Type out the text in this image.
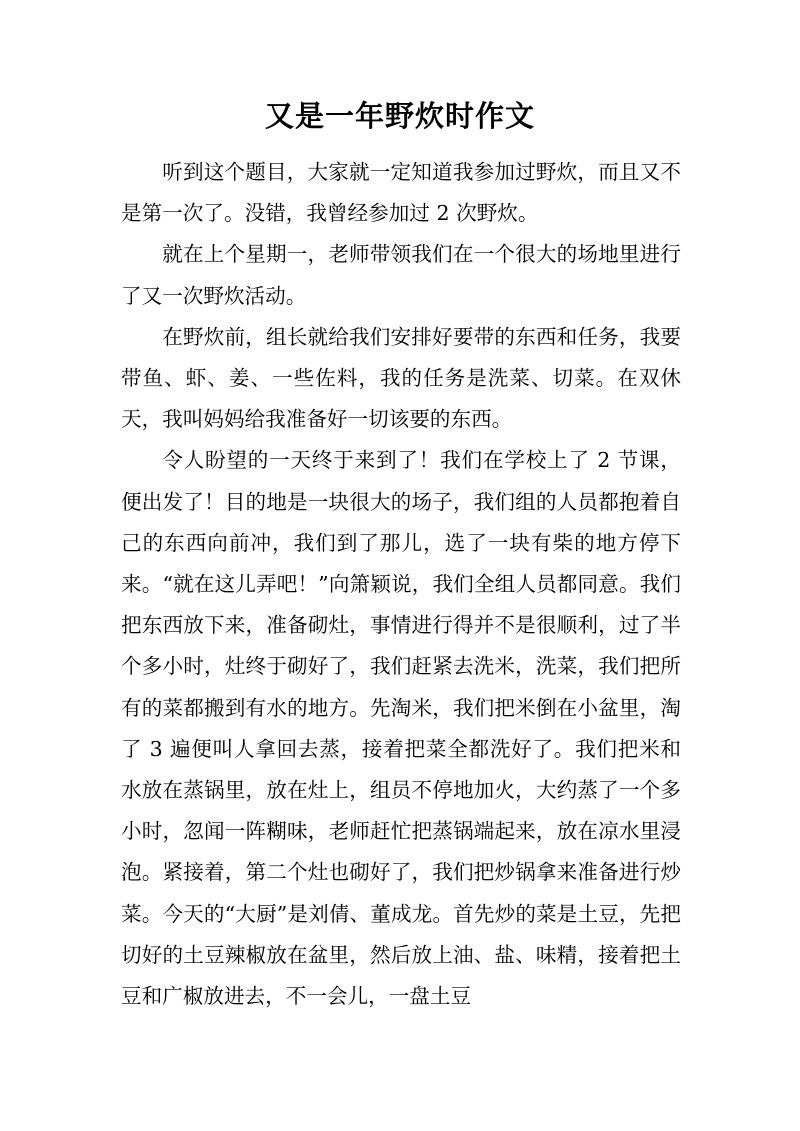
又是一年野炊时作文

听到这个题目，大家就一定知道我参加过野炊，而且又不是第一次了。没错，我曾经参加过 2 次野炊。

就在上个星期一，老师带领我们在一个很大的场地里进行了又一次野炊活动。

在野炊前，组长就给我们安排好要带的东西和任务，我要带鱼、虾、姜、一些佐料，我的任务是洗菜、切菜。在双休天，我叫妈妈给我准备好一切该要的东西。

令人盼望的一天终于来到了！我们在学校上了 2 节课，便出发了！目的地是一块很大的场子，我们组的人员都抱着自己的东西向前冲，我们到了那儿，选了一块有柴的地方停下来。“就在这儿弄吧！”向箫颖说，我们全组人员都同意。我们把东西放下来，准备砌灶，事情进行得并不是很顺利，过了半个多小时，灶终于砌好了，我们赶紧去洗米，洗菜，我们把所有的菜都搬到有水的地方。先淘米，我们把米倒在小盆里，淘了 3 遍便叫人拿回去蒸，接着把菜全都洗好了。我们把米和水放在蒸锅里，放在灶上，组员不停地加火，大约蒸了一个多小时，忽闻一阵糊味，老师赶忙把蒸锅端起来，放在凉水里浸泡。紧接着，第二个灶也砌好了，我们把炒锅拿来准备进行炒菜。今天的“大厨”是刘倩、董成龙。首先炒的菜是土豆，先把切好的土豆辣椒放在盆里，然后放上油、盐、味精，接着把土豆和广椒放进去，不一会儿，一盘土豆
